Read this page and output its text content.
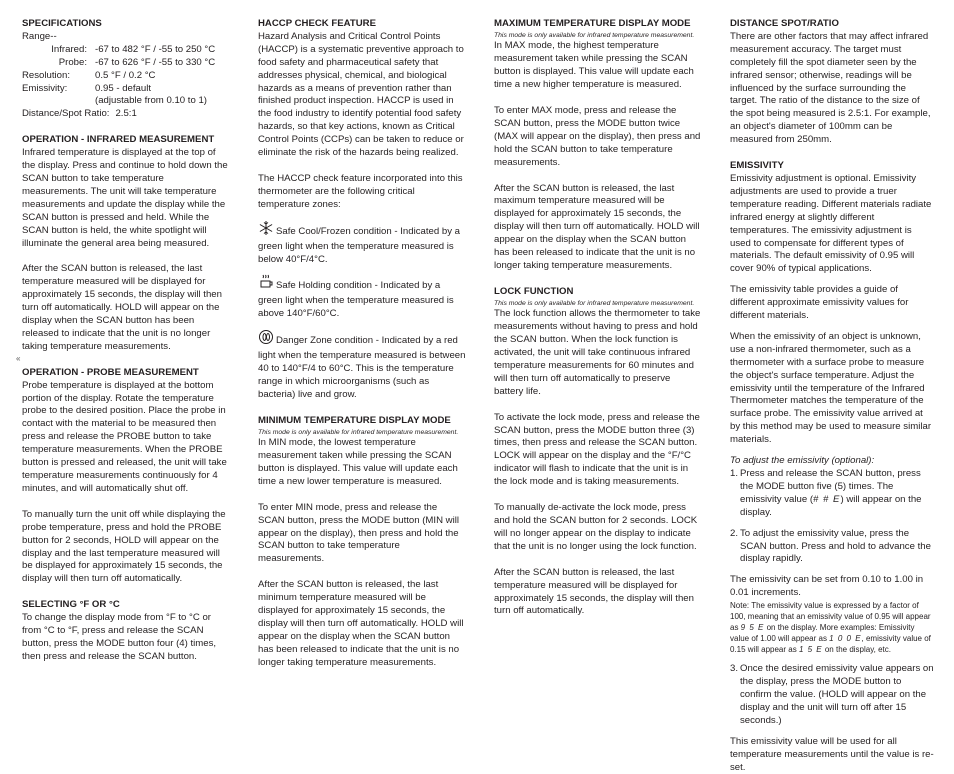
«

SPECIFICATIONS

Range--

Infrared: -67 to 482 °F / -55 to 250 °C
Probe: -67 to 626 °F / -55 to 330 °C
Resolution:	0.5 °F / 0.2 °C
Emissivity:	0.95 - default
(adjustable from 0.10 to 1)
Distance/Spot Ratio: 2.5:1

OPERATION - INFRARED MEASUREMENT

Infrared temperature is displayed at the top of the display. Press and continue to hold down the SCAN button to take temperature measurements. The unit will take temperature measurements and update the display while the SCAN button is pressed and held. While the SCAN button is held, the white spotlight will illuminate the general area being measured.

After the SCAN button is released, the last temperature measured will be displayed for approximately 15 seconds, the display will then turn off automatically. HOLD will appear on the display when the SCAN button has been released to indicate that the unit is no longer taking temperature measurements.

OPERATION - PROBE MEASUREMENT

Probe temperature is displayed at the bottom portion of the display. Rotate the temperature probe to the desired position. Place the probe in contact with the material to be measured then press and release the PROBE button to take temperature measurements. When the PROBE button is pressed and released, the unit will take temperature measurements continuously for 4 minutes, and will automatically shut off.

To manually turn the unit off while displaying the probe temperature, press and hold the PROBE button for 2 seconds, HOLD will appear on the display and the last temperature measured will be displayed for approximately 15 seconds, the display will then turn off automatically.

SELECTING °F OR °C

To change the display mode from °F to °C or from °C to °F, press and release the SCAN button, press the MODE button four (4) times, then press and release the SCAN button.

HACCP CHECK FEATURE

Hazard Analysis and Critical Control Points (HACCP) is a systematic preventive approach to food safety and pharmaceutical safety that addresses physical, chemical, and biological hazards as a means of prevention rather than finished product inspection. HACCP is used in the food industry to identify potential food safety hazards, so that key actions, known as Critical Control Points (CCPs) can be taken to reduce or eliminate the risk of the hazards being realized.

The HACCP check feature incorporated into this thermometer are the following critical temperature zones:

Safe Cool/Frozen condition - Indicated by a green light when the temperature measured is below 40°F/4°C.

Safe Holding condition - Indicated by a green light when the temperature measured is above 140°F/60°C.

Danger Zone condition - Indicated by a red light when the temperature measured is between 40 to 140°F/4 to 60°C. This is the temperature range in which microorganisms (such as bacteria) live and grow.

MINIMUM TEMPERATURE DISPLAY MODE

This mode is only available for infrared temperature measurement.

In MIN mode, the lowest temperature measurement taken while pressing the SCAN button is displayed. This value will update each time a new lower temperature is measured.

To enter MIN mode, press and release the SCAN button, press the MODE button (MIN will appear on the display), then press and hold the SCAN button to take temperature measurements.

After the SCAN button is released, the last minimum temperature measured will be displayed for approximately 15 seconds, the display will then turn off automatically. HOLD will appear on the display when the SCAN button has been released to indicate that the unit is no longer taking temperature measurements.

MAXIMUM TEMPERATURE DISPLAY MODE

This mode is only available for infrared temperature measurement.

In MAX mode, the highest temperature measurement taken while pressing the SCAN button is displayed. This value will update each time a new higher temperature is measured.

To enter MAX mode, press and release the SCAN button, press the MODE button twice (MAX will appear on the display), then press and hold the SCAN button to take temperature measurements.

After the SCAN button is released, the last maximum temperature measured will be displayed for approximately 15 seconds, the display will then turn off automatically. HOLD will appear on the display when the SCAN button has been released to indicate that the unit is no longer taking temperature measurements.

LOCK FUNCTION

This mode is only available for infrared temperature measurement.

The lock function allows the thermometer to take measurements without having to press and hold the SCAN button. When the lock function is activated, the unit will take continuous infrared temperature measurements for 60 minutes and will then turn off automatically to preserve battery life.

To activate the lock mode, press and release the SCAN button, press the MODE button three (3) times, then press and release the SCAN button. LOCK will appear on the display and the °F/°C indicator will flash to indicate that the unit is in the lock mode and is taking measurements.

To manually de-activate the lock mode, press and hold the SCAN button for 2 seconds. LOCK will no longer appear on the display to indicate that the unit is no longer using the lock function.

After the SCAN button is released, the last temperature measured will be displayed for approximately 15 seconds, the display will then turn off automatically.

DISTANCE SPOT/RATIO

There are other factors that may affect infrared measurement accuracy. The target must completely fill the spot diameter seen by the infrared sensor; otherwise, readings will be influenced by the surface surrounding the target. The ratio of the distance to the size of the spot being measured is 2.5:1. For example, an object's diameter of 100mm can be measured from 250mm.

EMISSIVITY

Emissivity adjustment is optional. Emissivity adjustments are used to provide a truer temperature reading. Different materials radiate infrared energy at slightly different temperatures. The emissivity adjustment is used to compensate for different types of materials. The default emissivity of 0.95 will cover 90% of typical applications.

The emissivity table provides a guide of different approximate emissivity values for different materials.

When the emissivity of an object is unknown, use a non-infrared thermometer, such as a thermometer with a surface probe to measure the object's surface temperature. Adjust the emissivity until the temperature of the Infrared Thermometer matches the temperature of the surface probe. The emissivity value arrived at by this method may be used to measure similar materials.

To adjust the emissivity (optional):

1. Press and release the SCAN button, press the MODE button five (5) times. The emissivity value (# # E) will appear on the display.
2. To adjust the emissivity value, press the SCAN button. Press and hold to advance the display rapidly.

The emissivity can be set from 0.10 to 1.00 in 0.01 increments.

Note: The emissivity value is expressed by a factor of 100, meaning that an emissivity value of 0.95 will appear as 9 5 E on the display. More examples: Emissivity value of 1.00 will appear as 1 0 0 E, emissivity value of 0.15 will appear as 1 5 E on the display, etc.

3. Once the desired emissivity value appears on the display, press the MODE button to confirm the value. (HOLD will appear on the display and the unit will turn off after 15 seconds.)

This emissivity value will be used for all temperature measurements until the value is re-set.
